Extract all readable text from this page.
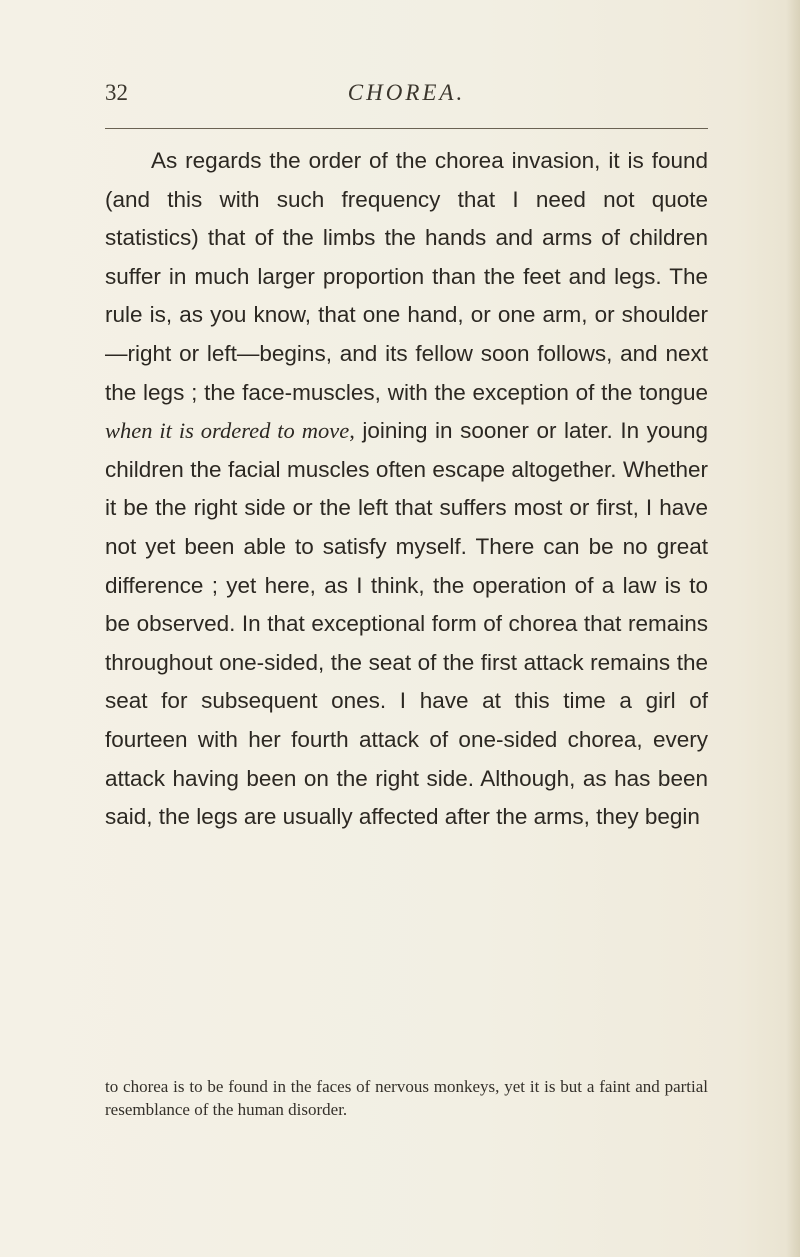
32	CHOREA.

As regards the order of the chorea invasion, it is found (and this with such frequency that I need not quote statistics) that of the limbs the hands and arms of children suffer in much larger proportion than the feet and legs. The rule is, as you know, that one hand, or one arm, or shoulder—right or left—begins, and its fellow soon follows, and next the legs ; the face-muscles, with the exception of the tongue when it is ordered to move, joining in sooner or later. In young children the facial muscles often escape altogether. Whether it be the right side or the left that suffers most or first, I have not yet been able to satisfy myself. There can be no great difference ; yet here, as I think, the operation of a law is to be observed. In that exceptional form of chorea that remains throughout one-sided, the seat of the first attack remains the seat for subsequent ones. I have at this time a girl of fourteen with her fourth attack of one-sided chorea, every attack having been on the right side. Although, as has been said, the legs are usually affected after the arms, they begin

to chorea is to be found in the faces of nervous monkeys, yet it is but a faint and partial resemblance of the human disorder.
